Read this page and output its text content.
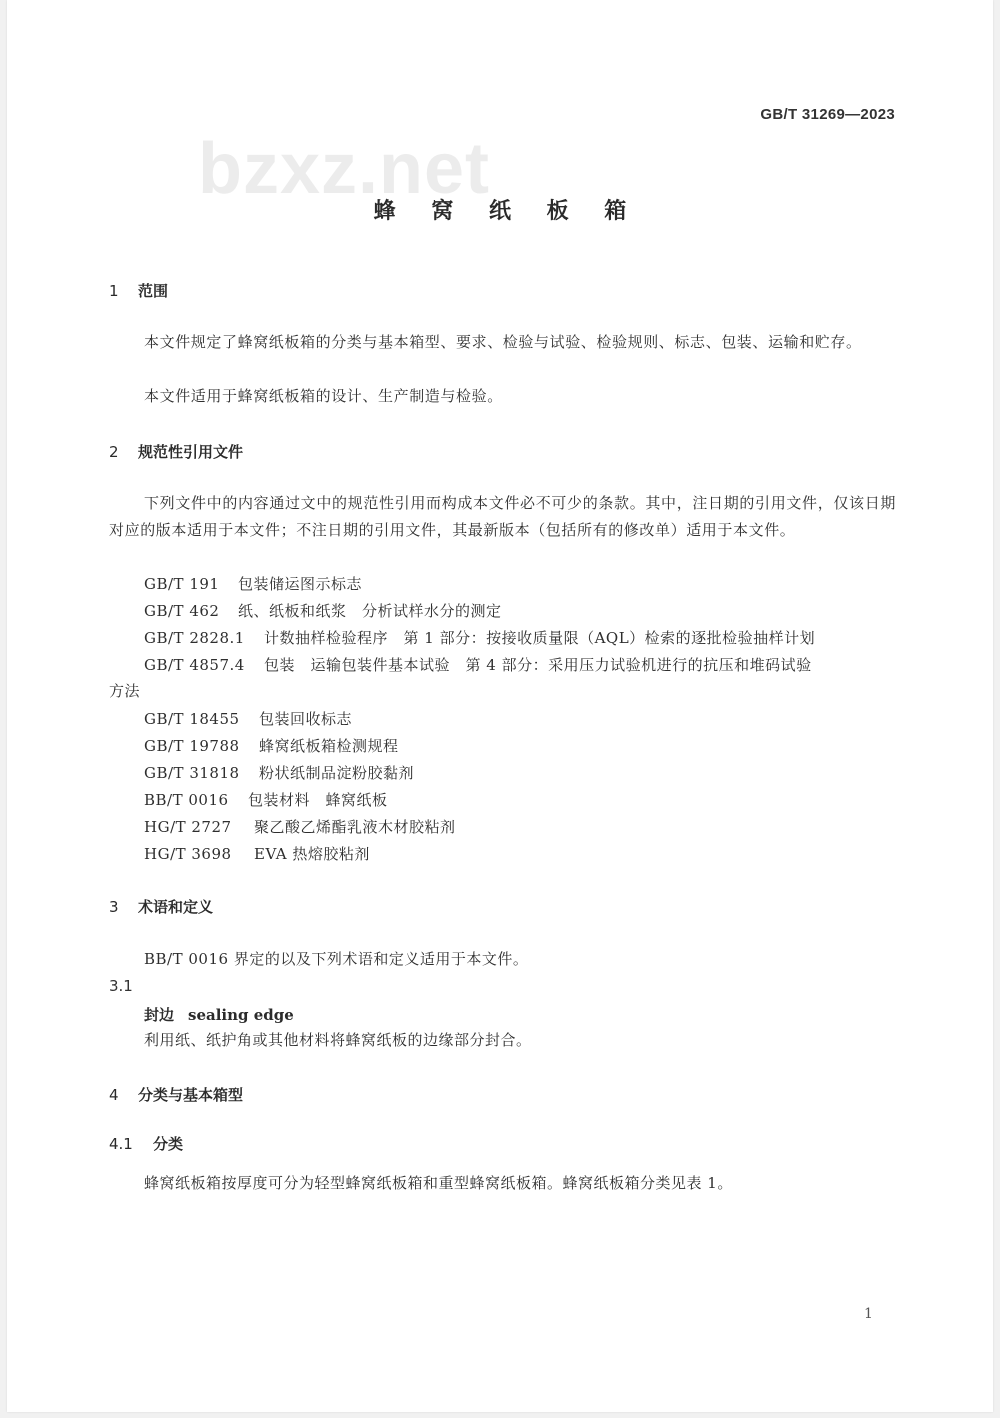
GB/T 31269—2023
bzxz.net
蜂 窝 纸 板 箱
1 范围
本文件规定了蜂窝纸板箱的分类与基本箱型、要求、检验与试验、检验规则、标志、包装、运输和贮存。
本文件适用于蜂窝纸板箱的设计、生产制造与检验。
2 规范性引用文件
下列文件中的内容通过文中的规范性引用而构成本文件必不可少的条款。其中，注日期的引用文件，仅该日期对应的版本适用于本文件；不注日期的引用文件，其最新版本（包括所有的修改单）适用于本文件。
GB/T 191 包装储运图示标志
GB/T 462 纸、纸板和纸浆　分析试样水分的测定
GB/T 2828.1 计数抽样检验程序　第 1 部分：按接收质量限（AQL）检索的逐批检验抽样计划
GB/T 4857.4 包装　运输包装件基本试验　第 4 部分：采用压力试验机进行的抗压和堆码试验
方法
GB/T 18455 包装回收标志
GB/T 19788 蜂窝纸板箱检测规程
GB/T 31818 粉状纸制品淀粉胶黏剂
BB/T 0016 包装材料　蜂窝纸板
HG/T 2727 聚乙酸乙烯酯乳液木材胶粘剂
HG/T 3698 EVA 热熔胶粘剂
3 术语和定义
BB/T 0016 界定的以及下列术语和定义适用于本文件。
3.1
封边 sealing edge
利用纸、纸护角或其他材料将蜂窝纸板的边缘部分封合。
4 分类与基本箱型
4.1 分类
蜂窝纸板箱按厚度可分为轻型蜂窝纸板箱和重型蜂窝纸板箱。蜂窝纸板箱分类见表 1。
1
